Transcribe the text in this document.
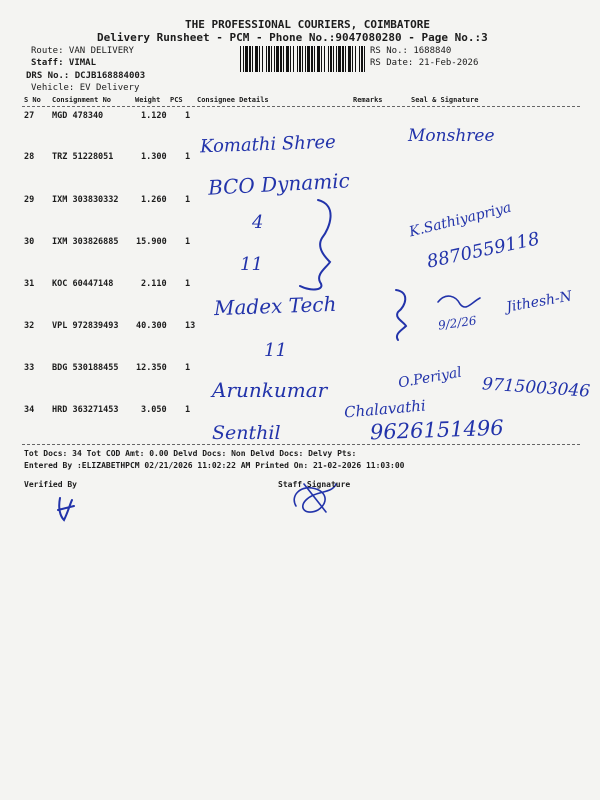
THE PROFESSIONAL COURIERS, COIMBATORE
Delivery Runsheet - PCM - Phone No.:9047080280 - Page No.:3
Route: VAN DELIVERY
Staff: VIMAL
DRS No.: DCJB168884003
Vehicle: EV Delivery
RS No.: 1688840
RS Date: 21-Feb-2026
S No Consignment No	Weight PCS Consignee Details	Remarks	Seal & Signature
27 MGD 478340	1.120 1
28 TRZ 51228051	1.300 1
29 IXM 303830332	1.260 1
30 IXM 303826885 15.900 1
31 KOC 60447148	2.110 1
32 VPL 972839493 40.300 13
33 BDG 530188455 12.350 1
34 HRD 363271453	3.050 1
Komathi Shree	Monshree
BCO Dynamic
4
11
K.Sathiyapriya
8870559118
Madex Tech
11
9/2/26
Jithesh-N
O.Periyal 9715003046
Arunkumar
Senthil
Chalavathi
9626151496
Tot Docs: 34 Tot COD Amt: 0.00 Delvd Docs: Non Delvd Docs: Delvy Pts:
Entered By :ELIZABETHPCM 02/21/2026 11:02:22 AM Printed On: 21-02-2026 11:03:00
Verified By	Staff Signature
